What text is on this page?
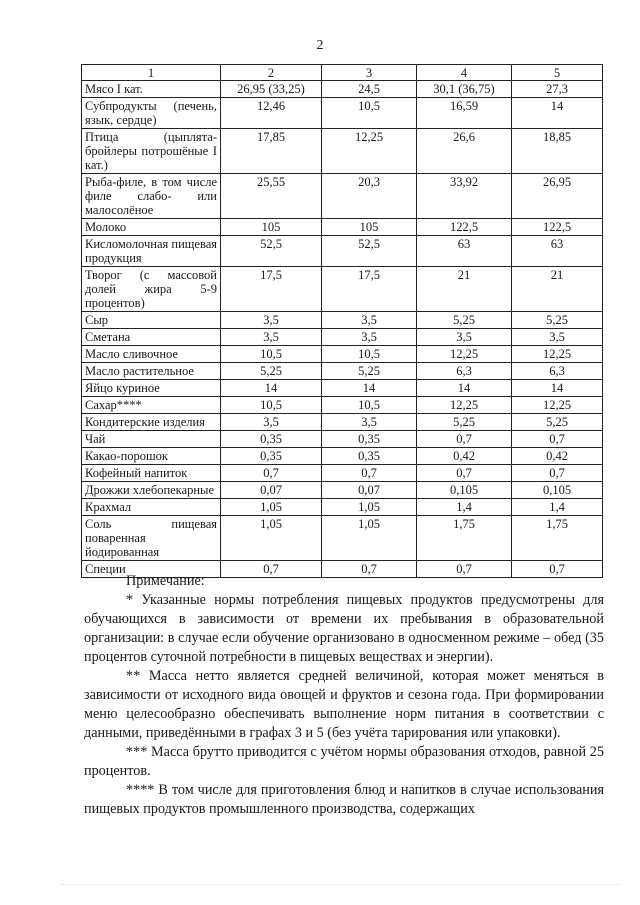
2
1	2	3	4	5
Мясо I кат.	26,95 (33,25)	24,5	30,1 (36,75)	27,3
Субпродукты (печень, язык, сердце)	12,46	10,5	16,59	14
Птица (цыплята-бройлеры потрошёные I кат.)	17,85	12,25	26,6	18,85
Рыба-филе, в том числе филе слабо- или малосолёное	25,55	20,3	33,92	26,95
Молоко	105	105	122,5	122,5
Кисломолочная пищевая продукция	52,5	52,5	63	63
Творог (с массовой долей жира 5-9 процентов)	17,5	17,5	21	21
Сыр	3,5	3,5	5,25	5,25
Сметана	3,5	3,5	3,5	3,5
Масло сливочное	10,5	10,5	12,25	12,25
Масло растительное	5,25	5,25	6,3	6,3
Яйцо куриное	14	14	14	14
Сахар****	10,5	10,5	12,25	12,25
Кондитерские изделия	3,5	3,5	5,25	5,25
Чай	0,35	0,35	0,7	0,7
Какао-порошок	0,35	0,35	0,42	0,42
Кофейный напиток	0,7	0,7	0,7	0,7
Дрожжи хлебопекарные	0,07	0,07	0,105	0,105
Крахмал	1,05	1,05	1,4	1,4
Соль пищевая поваренная йодированная	1,05	1,05	1,75	1,75
Специи	0,7	0,7	0,7	0,7

Примечание:

* Указанные нормы потребления пищевых продуктов предусмотрены для обучающихся в зависимости от времени их пребывания в образовательной организации: в случае если обучение организовано в односменном режиме – обед (35 процентов суточной потребности в пищевых веществах и энергии).

** Масса нетто является средней величиной, которая может меняться в зависимости от исходного вида овощей и фруктов и сезона года. При формировании меню целесообразно обеспечивать выполнение норм питания в соответствии с данными, приведёнными в графах 3 и 5 (без учёта тарирования или упаковки).

*** Масса брутто приводится с учётом нормы образования отходов, равной 25 процентов.

**** В том числе для приготовления блюд и напитков в случае использования пищевых продуктов промышленного производства, содержащих
